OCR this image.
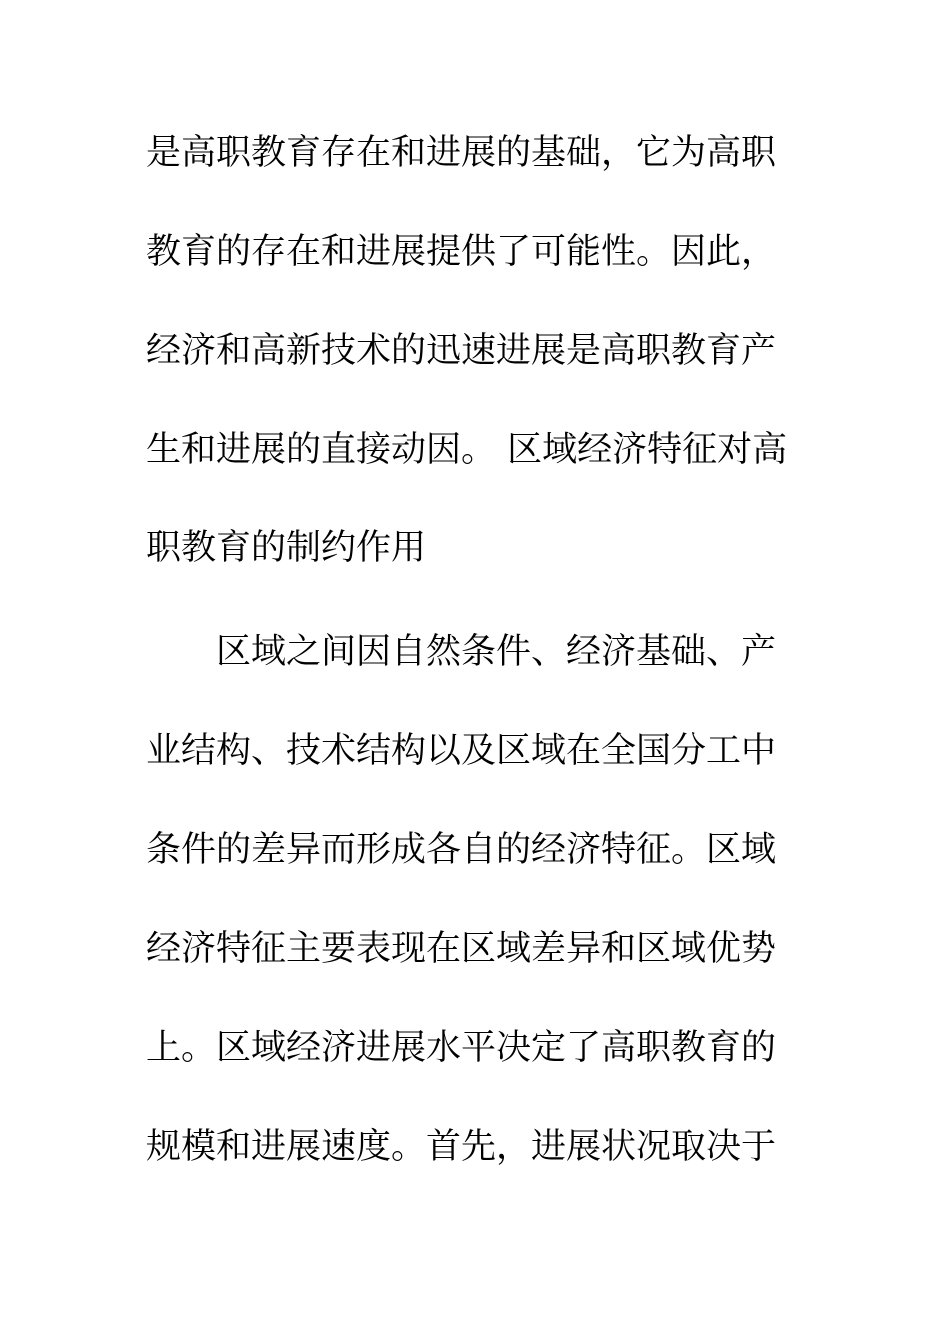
是高职教育存在和进展的基础，它为高职
教育的存在和进展提供了可能性。因此，
经济和高新技术的迅速进展是高职教育产
生和进展的直接动因。 区域经济特征对高
职教育的制约作用
　　区域之间因自然条件、经济基础、产
业结构、技术结构以及区域在全国分工中
条件的差异而形成各自的经济特征。区域
经济特征主要表现在区域差异和区域优势
上。区域经济进展水平决定了高职教育的
规模和进展速度。首先，进展状况取决于
